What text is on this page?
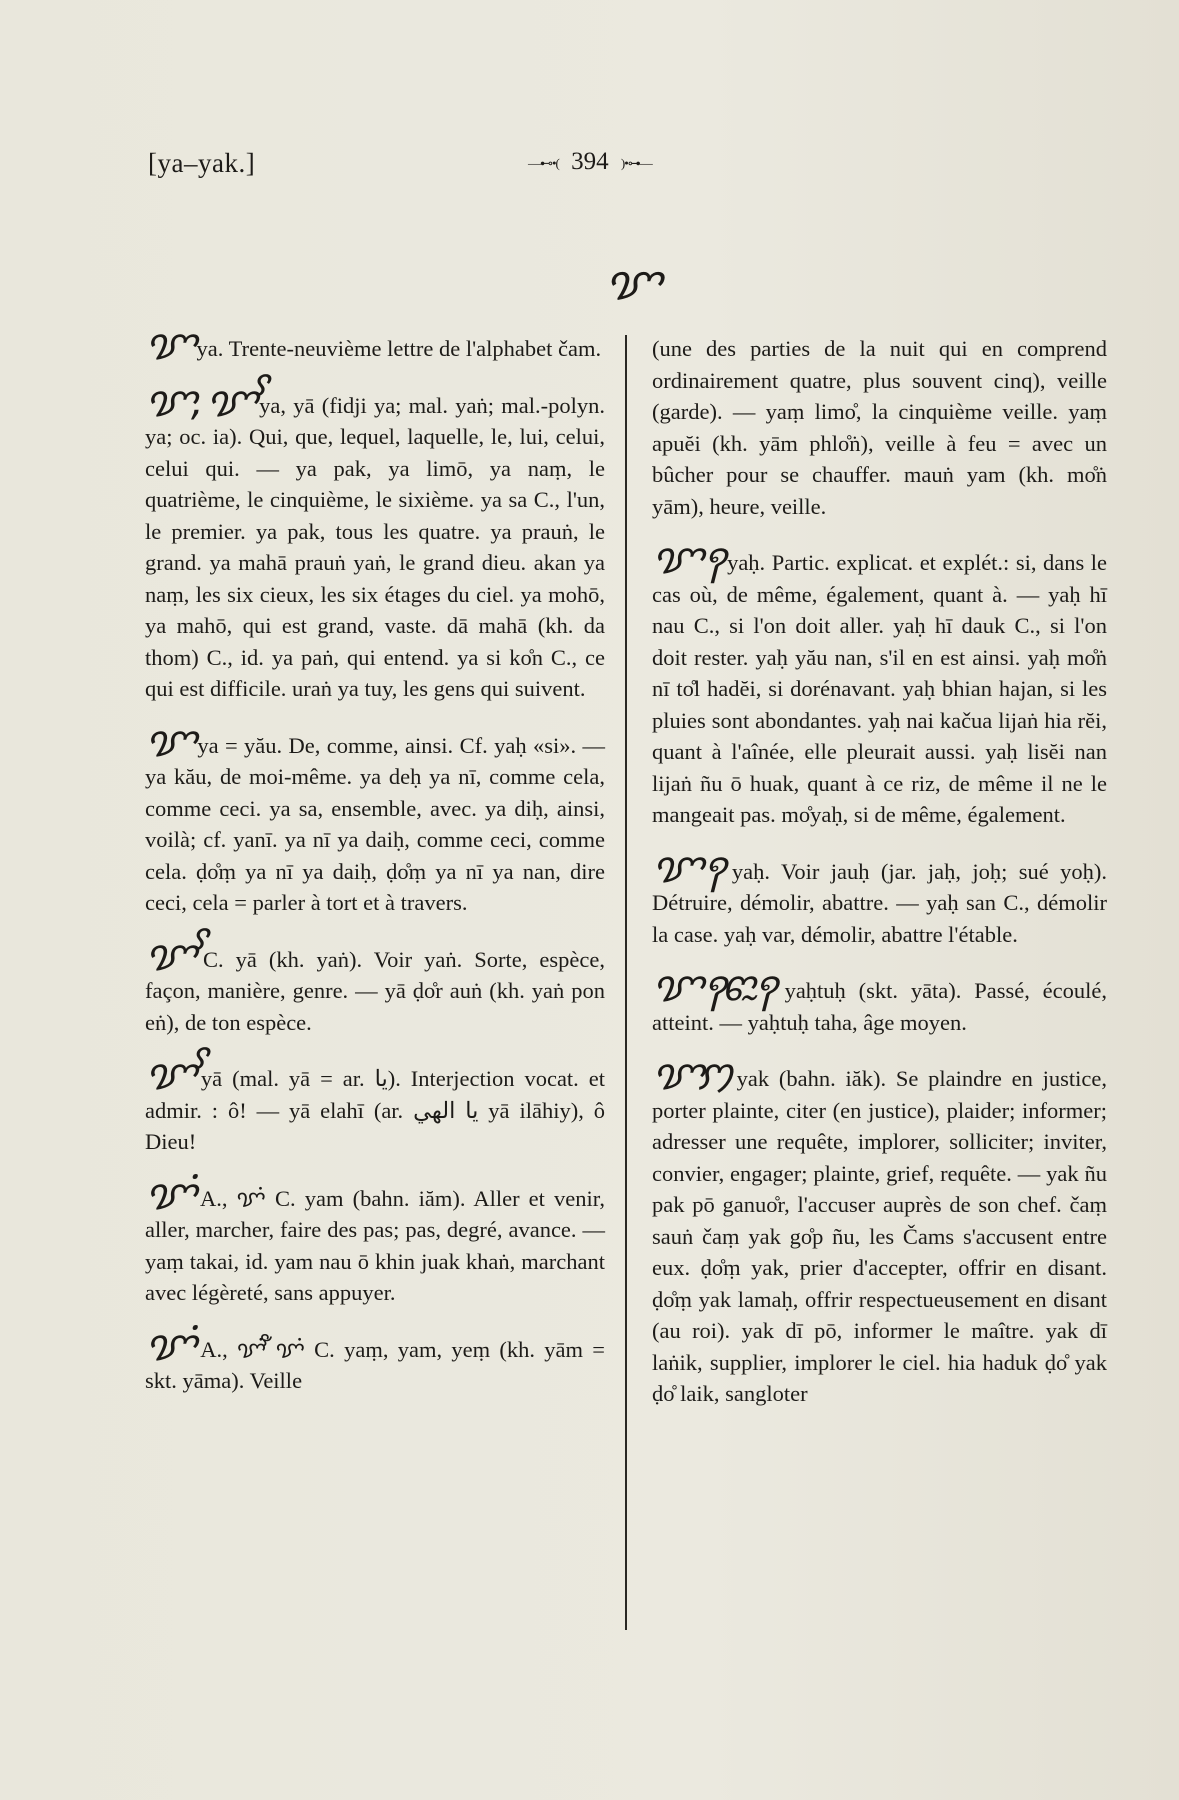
[ya–yak.]	—⊷•( 394 )•⊶—
ꨢ

ꨢ ya. Trente-neuvième lettre de l'alphabet čam.

ꨢ, ꨢꨩ ya, yā (fidji ya; mal. yaṅ; mal.-polyn. ya; oc. ia). Qui, que, lequel, laquelle, le, lui, celui, celui qui. — ya pak, ya limō, ya naṃ, le quatrième, le cinquième, le sixième. ya sa C., l'un, le premier. ya pak, tous les quatre. ya prauṅ, le grand. ya mahā prauṅ yaṅ, le grand dieu. akan ya naṃ, les six cieux, les six étages du ciel. ya mohō, ya mahō, qui est grand, vaste. dā mahā (kh. da thom) C., id. ya paṅ, qui entend. ya si ko̊n C., ce qui est difficile. uraṅ ya tuy, les gens qui suivent.

ꨢ ya = yău. De, comme, ainsi. Cf. yaḥ «si». — ya kău, de moi-même. ya deḥ ya nī, comme cela, comme ceci. ya sa, ensemble, avec. ya diḥ, ainsi, voilà; cf. yanī. ya nī ya daiḥ, comme ceci, comme cela. ḍo̊ṃ ya nī ya daiḥ, ḍo̊ṃ ya nī ya nan, dire ceci, cela = parler à tort et à travers.

ꨢꨩ C. yā (kh. yaṅ). Voir yaṅ. Sorte, espèce, façon, manière, genre. — yā ḍo̊r auṅ (kh. yaṅ pon eṅ), de ton espèce.

ꨢꨩ yā (mal. yā = ar. يا). Interjection vocat. et admir. : ô! — yā elahī (ar. يا الهي yā ilāhiy), ô Dieu!

ꨢꩌ A., ꨢꩌ C. yam (bahn. iăm). Aller et venir, aller, marcher, faire des pas; pas, degré, avance. — yaṃ takai, id. yam nau ō khin juak khaṅ, marchant avec légèreté, sans appuyer.

ꨢꩌ A., ꨢꨩꩌ ꨮꨢꩌ C. yaṃ, yam, yeṃ (kh. yām = skt. yāma). Veille

(une des parties de la nuit qui en comprend ordinairement quatre, plus souvent cinq), veille (garde). — yaṃ limo̊, la cinquième veille. yaṃ apuĕi (kh. yām phlo̊ṅ), veille à feu = avec un bûcher pour se chauffer. mauṅ yam (kh. mo̊ṅ yām), heure, veille.

ꨢꩍ yaḥ. Partic. explicat. et explét.: si, dans le cas où, de même, également, quant à. — yaḥ hī nau C., si l'on doit aller. yaḥ hī dauk C., si l'on doit rester. yaḥ yău nan, s'il en est ainsi. yaḥ mo̊ṅ nī to̊l hadĕi, si dorénavant. yaḥ bhian hajan, si les pluies sont abondantes. yaḥ nai kačua lijaṅ hia rĕi, quant à l'aînée, elle pleurait aussi. yaḥ lisĕi nan lijaṅ ñu ō huak, quant à ce riz, de même il ne le mangeait pas. mo̊yaḥ, si de même, également.

ꨢꩍ yaḥ. Voir jauḥ (jar. jaḥ, joḥ; sué yoḥ). Détruire, démolir, abattre. — yaḥ san C., démolir la case. yaḥ var, démolir, abattre l'étable.

ꨢꩍꨓꨭꩍ yaḥtuḥ (skt. yāta). Passé, écoulé, atteint. — yaḥtuḥ taha, âge moyen.

ꨢꩀ yak (bahn. iăk). Se plaindre en justice, porter plainte, citer (en justice), plaider; informer; adresser une requête, implorer, solliciter; inviter, convier, engager; plainte, grief, requête. — yak ñu pak pō ganuo̊r, l'accuser auprès de son chef. čaṃ sauṅ čaṃ yak go̊p ñu, les Čams s'accusent entre eux. ḍo̊ṃ yak, prier d'accepter, offrir en disant. ḍo̊ṃ yak lamaḥ, offrir respectueusement en disant (au roi). yak dī pō, informer le maître. yak dī laṅik, supplier, implorer le ciel. hia haduk ḍo̊ yak ḍo̊ laik, sangloter
